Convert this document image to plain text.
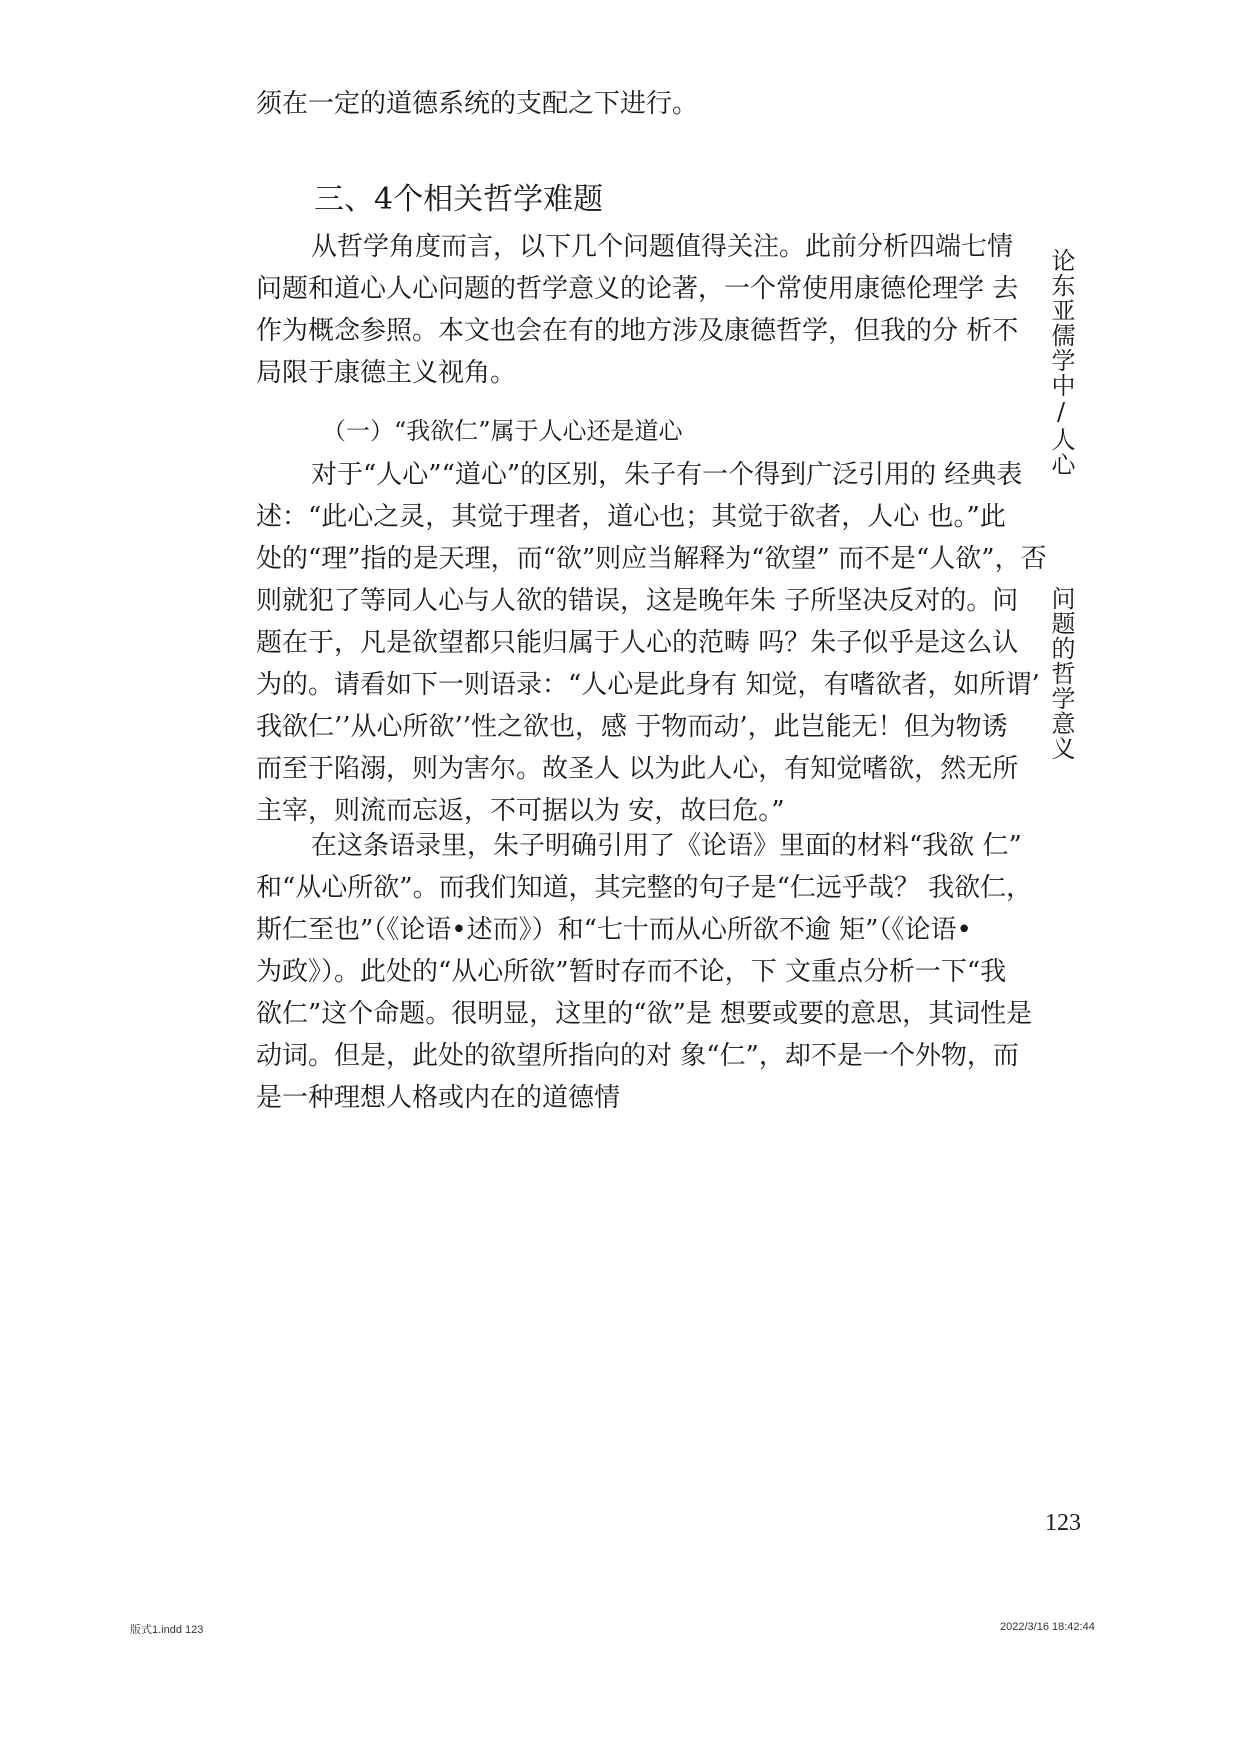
须在一定的道德系统的支配之下进行。
三、4个相关哲学难题
从哲学角度而言，以下几个问题值得关注。此前分析四端七情
问题和道心人心问题的哲学意义的论著，一个常使用康德伦理学 去
作为概念参照。本文也会在有的地方涉及康德哲学，但我的分 析不
局限于康德主义视角。
（一）“我欲仁”属于人心还是道心
对于“人心”“道心”的区别，朱子有一个得到广泛引用的 经典表
述：“此心之灵，其觉于理者，道心也；其觉于欲者，人心 也。”此
处的“理”指的是天理，而“欲”则应当解释为“欲望” 而不是“人欲”，否
则就犯了等同人心与人欲的错误，这是晚年朱 子所坚决反对的。问
题在于，凡是欲望都只能归属于人心的范畴 吗？朱子似乎是这么认
为的。请看如下一则语录：“人心是此身有 知觉，有嗜欲者，如所谓’
我欲仁’’从心所欲’’性之欲也，感 于物而动’，此岂能无！但为物诱
而至于陷溺，则为害尔。故圣人 以为此人心，有知觉嗜欲，然无所
主宰，则流而忘返，不可据以为 安，故曰危。”
在这条语录里，朱子明确引用了《论语》里面的材料“我欲 仁”
和“从心所欲”。而我们知道，其完整的句子是“仁远乎哉？ 我欲仁，
斯仁至也”（《论语•述而》）和“七十而从心所欲不逾 矩”（《论语•
为政》）。此处的“从心所欲”暂时存而不论，下 文重点分析一下“我
欲仁”这个命题。很明显，这里的“欲”是 想要或要的意思，其词性是
动词。但是，此处的欲望所指向的对 象“仁”，却不是一个外物，而
是一种理想人格或内在的道德情
论东亚儒学中/人心
问题的哲学意义
123
版式1.indd 123	2022/3/16 18:42:44
